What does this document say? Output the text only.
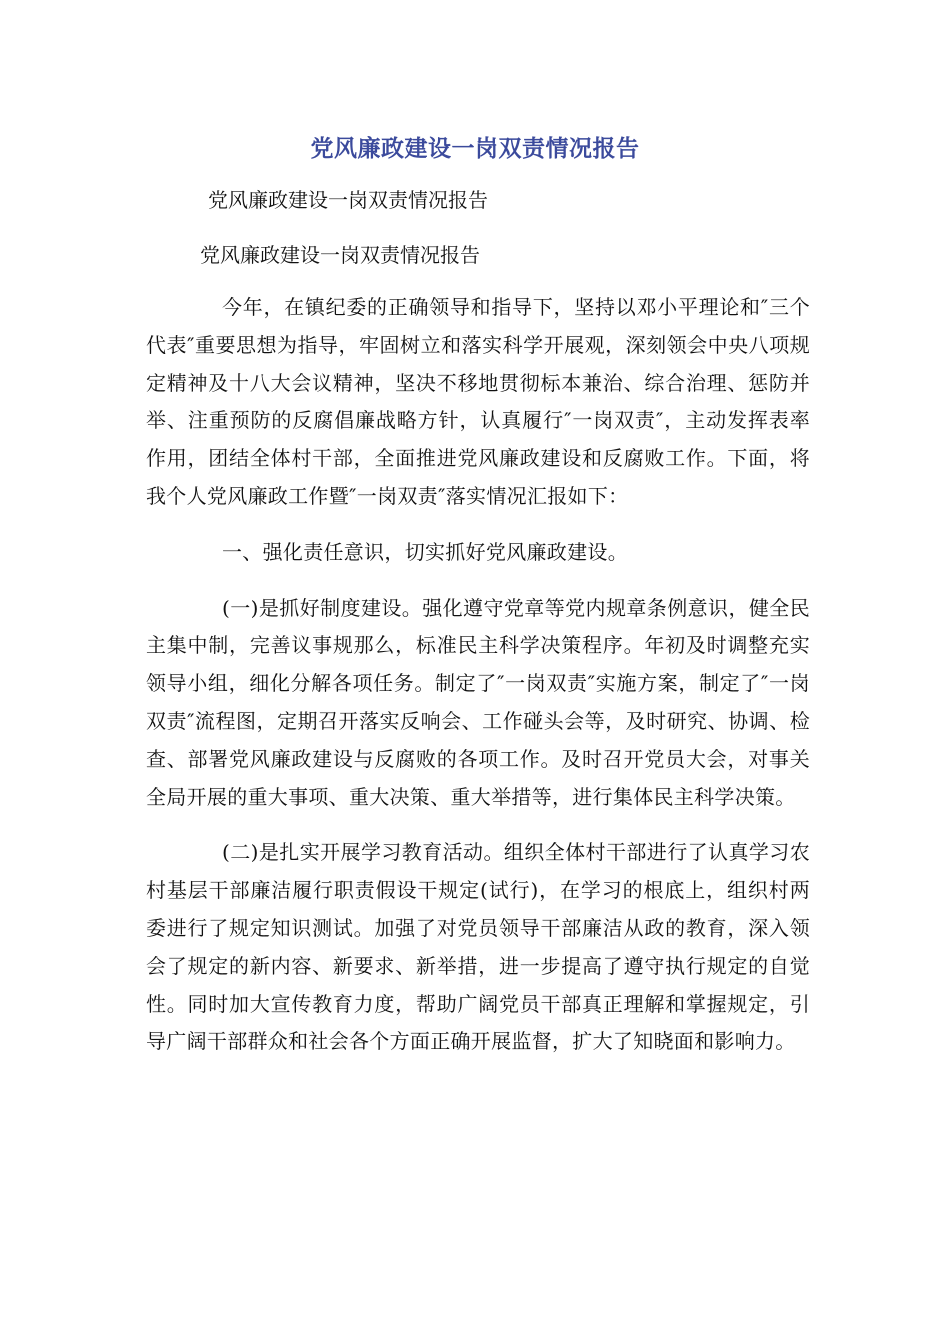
党风廉政建设一岗双责情况报告
党风廉政建设一岗双责情况报告
党风廉政建设一岗双责情况报告

今年，在镇纪委的正确领导和指导下，坚持以邓小平理论和″三个代表″重要思想为指导，牢固树立和落实科学开展观，深刻领会中央八项规定精神及十八大会议精神，坚决不移地贯彻标本兼治、综合治理、惩防并举、注重预防的反腐倡廉战略方针，认真履行″一岗双责″，主动发挥表率作用，团结全体村干部，全面推进党风廉政建设和反腐败工作。下面，将我个人党风廉政工作暨″一岗双责″落实情况汇报如下：

一、强化责任意识，切实抓好党风廉政建设。

(一)是抓好制度建设。强化遵守党章等党内规章条例意识，健全民主集中制，完善议事规那么，标准民主科学决策程序。年初及时调整充实领导小组，细化分解各项任务。制定了″一岗双责″实施方案，制定了″一岗双责″流程图，定期召开落实反响会、工作碰头会等，及时研究、协调、检查、部署党风廉政建设与反腐败的各项工作。及时召开党员大会，对事关全局开展的重大事项、重大决策、重大举措等，进行集体民主科学决策。

(二)是扎实开展学习教育活动。组织全体村干部进行了认真学习农村基层干部廉洁履行职责假设干规定(试行)，在学习的根底上，组织村两委进行了规定知识测试。加强了对党员领导干部廉洁从政的教育，深入领会了规定的新内容、新要求、新举措，进一步提高了遵守执行规定的自觉性。同时加大宣传教育力度，帮助广阔党员干部真正理解和掌握规定，引导广阔干部群众和社会各个方面正确开展监督，扩大了知晓面和影响力。
